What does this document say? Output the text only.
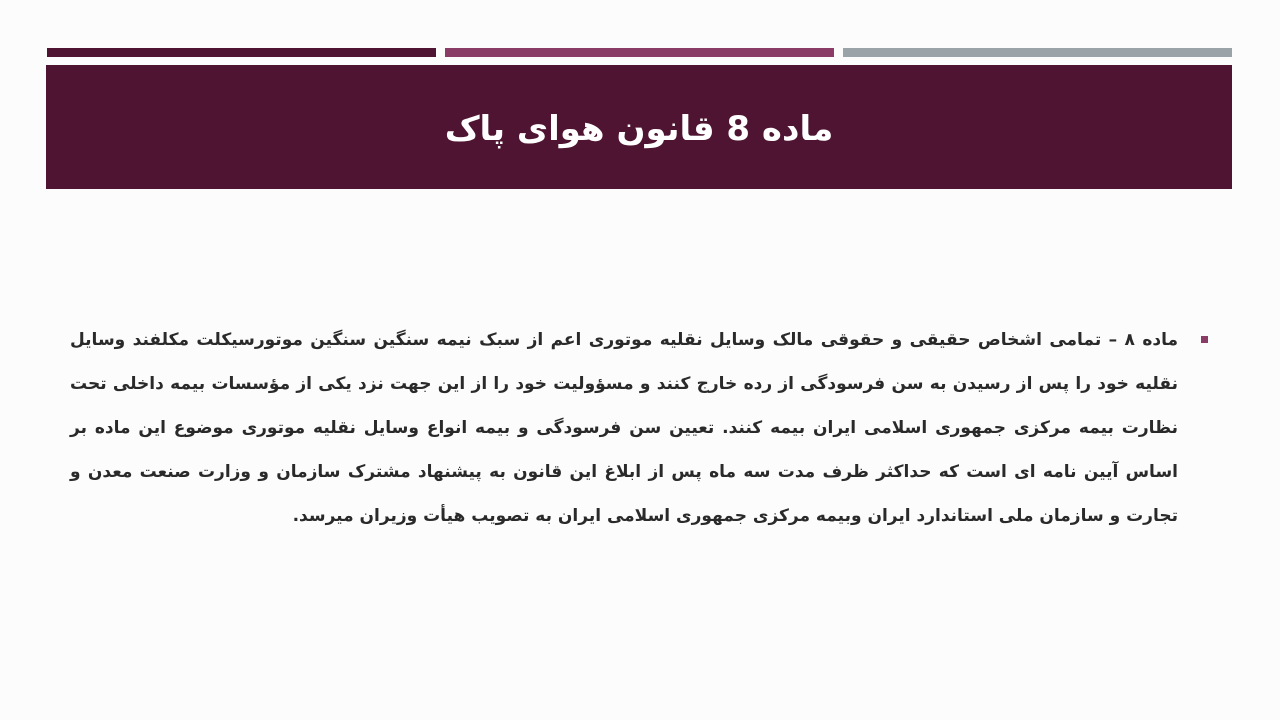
ماده 8 قانون هوای پاک
ماده ۸ – تمامی اشخاص حقیقی و حقوقی مالک وسایل نقلیه موتوری اعم از سبک نیمه سنگین سنگین موتورسیکلت مکلفند وسایل نقلیه خود را پس از رسیدن به سن فرسودگی از رده خارج کنند و مسؤولیت خود را از این جهت نزد یکی از مؤسسات بیمه داخلی تحت نظارت بیمه مرکزی جمهوری اسلامی ایران بیمه کنند. تعیین سن فرسودگی و بیمه انواع وسایل نقلیه موتوری موضوع این ماده بر اساس آیین نامه ای است که حداکثر ظرف مدت سه ماه پس از ابلاغ این قانون به پیشنهاد مشترک سازمان و وزارت صنعت معدن و تجارت و سازمان ملی استاندارد ایران وبیمه مرکزی جمهوری اسلامی ایران به تصویب هیأت وزیران میرسد.
